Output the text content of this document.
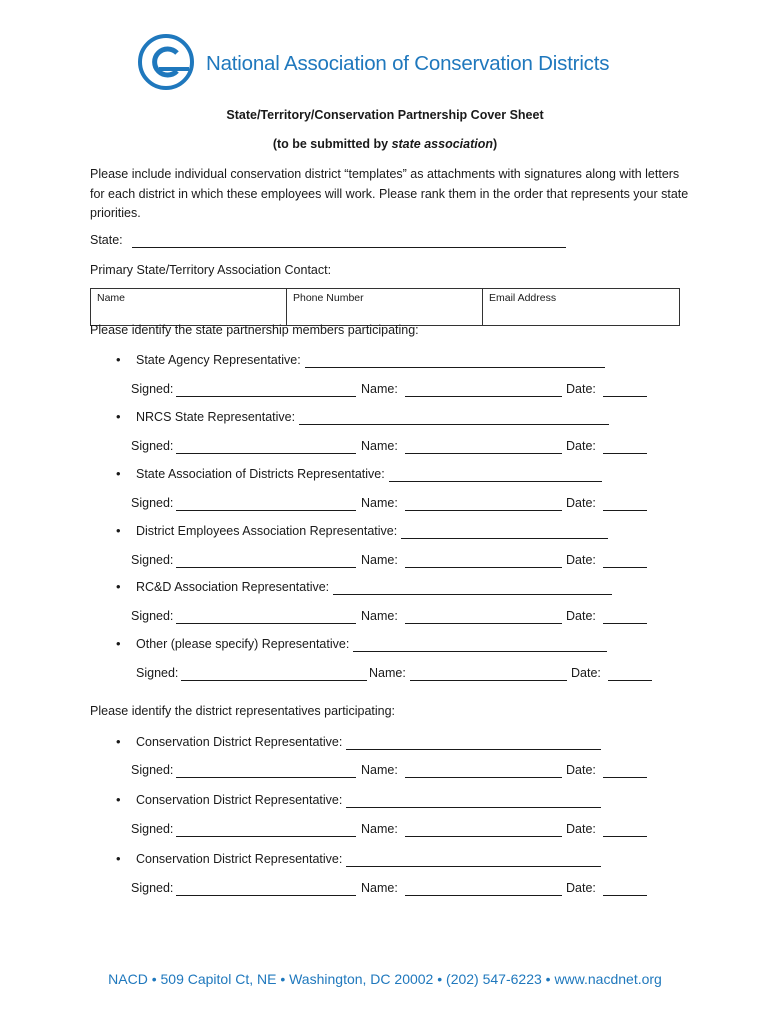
National Association of Conservation Districts
State/Territory/Conservation Partnership Cover Sheet
(to be submitted by state association)
Please include individual conservation district “templates” as attachments with signatures along with letters for each district in which these employees will work. Please rank them in the order that represents your state priorities.
State:
Primary State/Territory Association Contact:
Name	Phone Number	Email Address
Please identify the state partnership members participating:
• State Agency Representative:
Signed:	Name:	Date:
• NRCS State Representative:
Signed:	Name:	Date:
• State Association of Districts Representative:
Signed:	Name:	Date:
• District Employees Association Representative:
Signed:	Name:	Date:
• RC&D Association Representative:
Signed:	Name:	Date:
• Other (please specify) Representative:
Signed:	Name:	Date:
Please identify the district representatives participating:
• Conservation District Representative:
Signed:	Name:	Date:
• Conservation District Representative:
Signed:	Name:	Date:
• Conservation District Representative:
Signed:	Name:	Date:
NACD • 509 Capitol Ct, NE • Washington, DC 20002 • (202) 547-6223 • www.nacdnet.org
